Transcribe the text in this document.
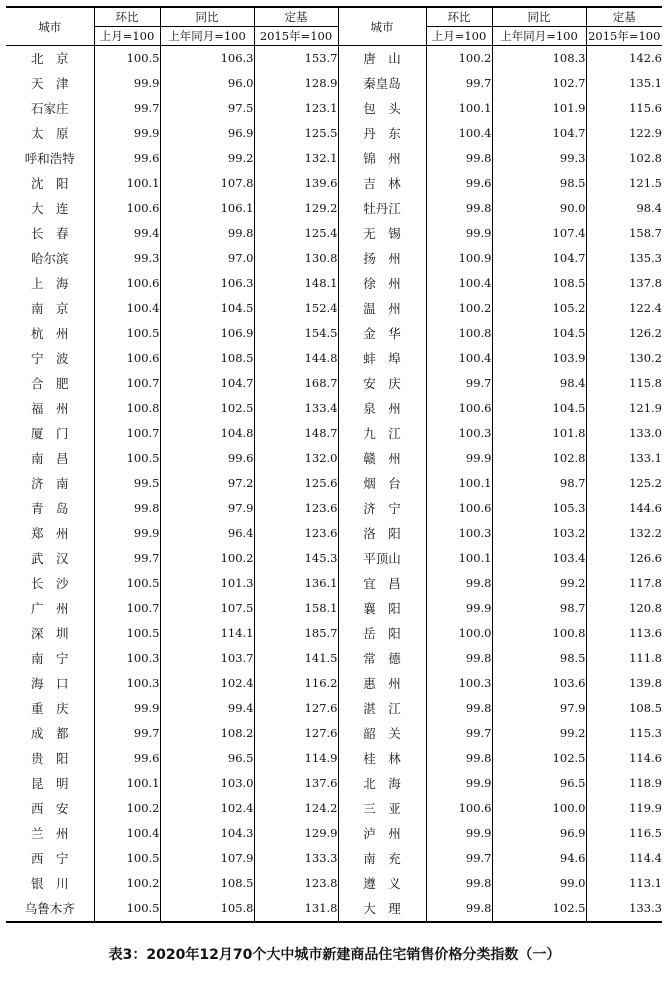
城市	环比	同比	定基	城市	环比	同比	定基
	上月=100	上年同月=100	2015年=100		上月=100	上年同月=100	2015年=100
北　京	100.5	106.3	153.7	唐　山	100.2	108.3	142.6
天　津	99.9	96.0	128.9	秦皇岛	99.7	102.7	135.1
石家庄	99.7	97.5	123.1	包　头	100.1	101.9	115.6
太　原	99.9	96.9	125.5	丹　东	100.4	104.7	122.9
呼和浩特	99.6	99.2	132.1	锦　州	99.8	99.3	102.8
沈　阳	100.1	107.8	139.6	吉　林	99.6	98.5	121.5
大　连	100.6	106.1	129.2	牡丹江	99.8	90.0	98.4
长　春	99.4	99.8	125.4	无　锡	99.9	107.4	158.7
哈尔滨	99.3	97.0	130.8	扬　州	100.9	104.7	135.3
上　海	100.6	106.3	148.1	徐　州	100.4	108.5	137.8
南　京	100.4	104.5	152.4	温　州	100.2	105.2	122.4
杭　州	100.5	106.9	154.5	金　华	100.8	104.5	126.2
宁　波	100.6	108.5	144.8	蚌　埠	100.4	103.9	130.2
合　肥	100.7	104.7	168.7	安　庆	99.7	98.4	115.8
福　州	100.8	102.5	133.4	泉　州	100.6	104.5	121.9
厦　门	100.7	104.8	148.7	九　江	100.3	101.8	133.0
南　昌	100.5	99.6	132.0	赣　州	99.9	102.8	133.1
济　南	99.5	97.2	125.6	烟　台	100.1	98.7	125.2
青　岛	99.8	97.9	123.6	济　宁	100.6	105.3	144.6
郑　州	99.9	96.4	123.6	洛　阳	100.3	103.2	132.2
武　汉	99.7	100.2	145.3	平顶山	100.1	103.4	126.6
长　沙	100.5	101.3	136.1	宜　昌	99.8	99.2	117.8
广　州	100.7	107.5	158.1	襄　阳	99.9	98.7	120.8
深　圳	100.5	114.1	185.7	岳　阳	100.0	100.8	113.6
南　宁	100.3	103.7	141.5	常　德	99.8	98.5	111.8
海　口	100.3	102.4	116.2	惠　州	100.3	103.6	139.8
重　庆	99.9	99.4	127.6	湛　江	99.8	97.9	108.5
成　都	99.7	108.2	127.6	韶　关	99.7	99.2	115.3
贵　阳	99.6	96.5	114.9	桂　林	99.8	102.5	114.6
昆　明	100.1	103.0	137.6	北　海	99.9	96.5	118.9
西　安	100.2	102.4	124.2	三　亚	100.6	100.0	119.9
兰　州	100.4	104.3	129.9	泸　州	99.9	96.9	116.5
西　宁	100.5	107.9	133.3	南　充	99.7	94.6	114.4
银　川	100.2	108.5	123.8	遵　义	99.8	99.0	113.1
乌鲁木齐	100.5	105.8	131.8	大　理	99.8	102.5	133.3
表3：2020年12月70个大中城市新建商品住宅销售价格分类指数（一）
